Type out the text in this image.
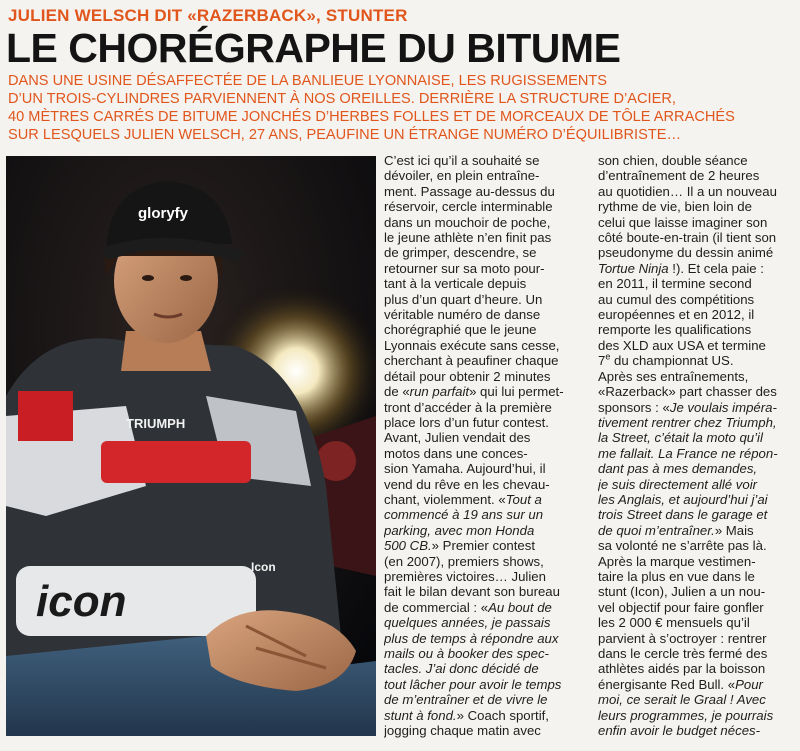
JULIEN WELSCH DIT «RAZERBACK», STUNTER
LE CHORÉGRAPHE DU BITUME
DANS UNE USINE DÉSAFFECTÉE DE LA BANLIEUE LYONNAISE, LES RUGISSEMENTS
D’UN TROIS-CYLINDRES PARVIENNENT À NOS OREILLES. DERRIÈRE LA STRUCTURE D’ACIER,
40 MÈTRES CARRÉS DE BITUME JONCHÉS D’HERBES FOLLES ET DE MORCEAUX DE TÔLE ARRACHÉS
SUR LESQUELS JULIEN WELSCH, 27 ANS, PEAUFINE UN ÉTRANGE NUMÉRO D’ÉQUILIBRISTE…
icon
TRIUMPH
Icon
gloryfy
C’est ici qu’il a souhaité se
dévoiler, en plein entraîne-
ment. Passage au-dessus du
réservoir, cercle interminable
dans un mouchoir de poche,
le jeune athlète n’en finit pas
de grimper, descendre, se
retourner sur sa moto pour-
tant à la verticale depuis
plus d’un quart d’heure. Un
véritable numéro de danse
chorégraphié que le jeune
Lyonnais exécute sans cesse,
cherchant à peaufiner chaque
détail pour obtenir 2 minutes
de «run parfait» qui lui permet-
tront d’accéder à la première
place lors d’un futur contest.
Avant, Julien vendait des
motos dans une conces-
sion Yamaha. Aujourd’hui, il
vend du rêve en les chevau-
chant, violemment. «Tout a
commencé à 19 ans sur un
parking, avec mon Honda
500 CB.» Premier contest
(en 2007), premiers shows,
premières victoires… Julien
fait le bilan devant son bureau
de commercial : «Au bout de
quelques années, je passais
plus de temps à répondre aux
mails ou à booker des spec-
tacles. J’ai donc décidé de
tout lâcher pour avoir le temps
de m’entraîner et de vivre le
stunt à fond.» Coach sportif,
jogging chaque matin avec
son chien, double séance
d’entraînement de 2 heures
au quotidien… Il a un nouveau
rythme de vie, bien loin de
celui que laisse imaginer son
côté boute-en-train (il tient son
pseudonyme du dessin animé
Tortue Ninja !). Et cela paie :
en 2011, il termine second
au cumul des compétitions
européennes et en 2012, il
remporte les qualifications
des XLD aux USA et termine
7e du championnat US.
Après ses entraînements,
«Razerback» part chasser des
sponsors : «Je voulais impéra-
tivement rentrer chez Triumph,
la Street, c’était la moto qu’il
me fallait. La France ne répon-
dant pas à mes demandes,
je suis directement allé voir
les Anglais, et aujourd’hui j’ai
trois Street dans le garage et
de quoi m’entraîner.» Mais
sa volonté ne s’arrête pas là.
Après la marque vestimen-
taire la plus en vue dans le
stunt (Icon), Julien a un nou-
vel objectif pour faire gonfler
les 2 000 € mensuels qu’il
parvient à s’octroyer : rentrer
dans le cercle très fermé des
athlètes aidés par la boisson
énergisante Red Bull. «Pour
moi, ce serait le Graal ! Avec
leurs programmes, je pourrais
enfin avoir le budget néces-
